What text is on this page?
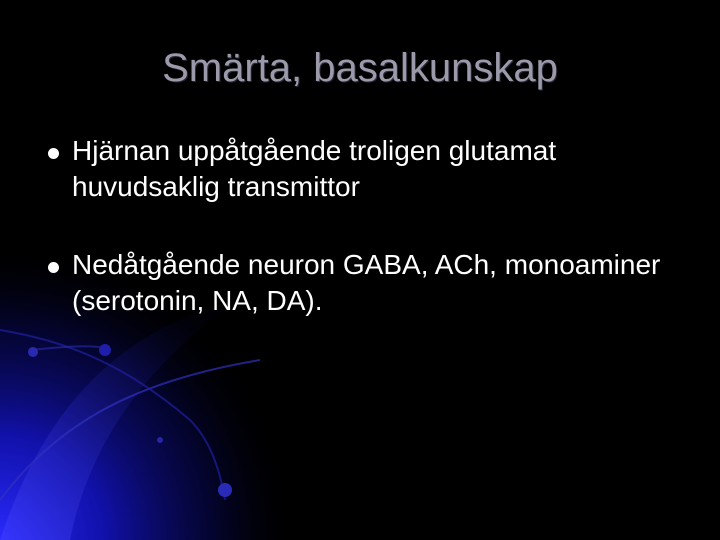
Smärta, basalkunskap
Hjärnan uppåtgående troligen glutamat huvudsaklig transmittor
Nedåtgående neuron GABA, ACh, monoaminer (serotonin, NA, DA).
